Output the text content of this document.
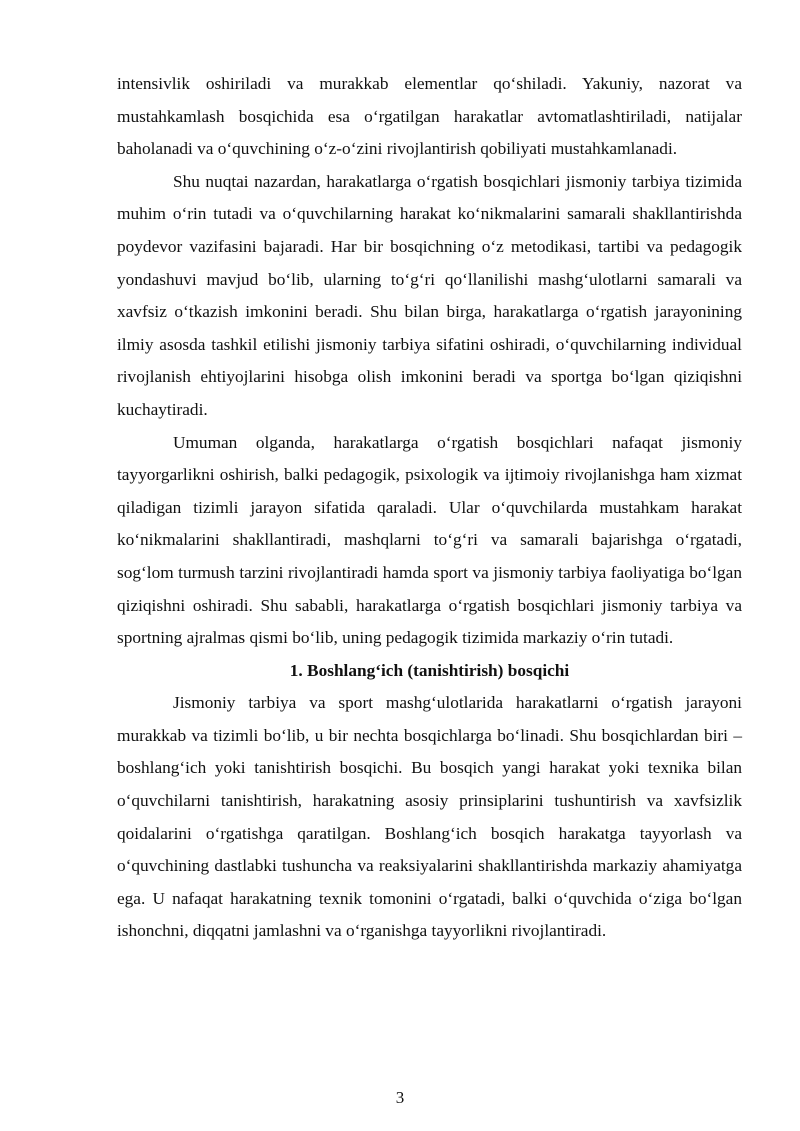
intensivlik oshiriladi va murakkab elementlar qo‘shiladi. Yakuniy, nazorat va mustahkamlash bosqichida esa o‘rgatilgan harakatlar avtomatlashtiriladi, natijalar baholanadi va o‘quvchining o‘z-o‘zini rivojlantirish qobiliyati mustahkamlanadi.

Shu nuqtai nazardan, harakatlarga o‘rgatish bosqichlari jismoniy tarbiya tizimida muhim o‘rin tutadi va o‘quvchilarning harakat ko‘nikmalarini samarali shakllantirishda poydevor vazifasini bajaradi. Har bir bosqichning o‘z metodikasi, tartibi va pedagogik yondashuvi mavjud bo‘lib, ularning to‘g‘ri qo‘llanilishi mashg‘ulotlarni samarali va xavfsiz o‘tkazish imkonini beradi. Shu bilan birga, harakatlarga o‘rgatish jarayonining ilmiy asosda tashkil etilishi jismoniy tarbiya sifatini oshiradi, o‘quvchilarning individual rivojlanish ehtiyojlarini hisobga olish imkonini beradi va sportga bo‘lgan qiziqishni kuchaytiradi.

Umuman olganda, harakatlarga o‘rgatish bosqichlari nafaqat jismoniy tayyorgarlikni oshirish, balki pedagogik, psixologik va ijtimoiy rivojlanishga ham xizmat qiladigan tizimli jarayon sifatida qaraladi. Ular o‘quvchilarda mustahkam harakat ko‘nikmalarini shakllantiradi, mashqlarni to‘g‘ri va samarali bajarishga o‘rgatadi, sog‘lom turmush tarzini rivojlantiradi hamda sport va jismoniy tarbiya faoliyatiga bo‘lgan qiziqishni oshiradi. Shu sababli, harakatlarga o‘rgatish bosqichlari jismoniy tarbiya va sportning ajralmas qismi bo‘lib, uning pedagogik tizimida markaziy o‘rin tutadi.

1. Boshlang‘ich (tanishtirish) bosqichi

Jismoniy tarbiya va sport mashg‘ulotlarida harakatlarni o‘rgatish jarayoni murakkab va tizimli bo‘lib, u bir nechta bosqichlarga bo‘linadi. Shu bosqichlardan biri – boshlang‘ich yoki tanishtirish bosqichi. Bu bosqich yangi harakat yoki texnika bilan o‘quvchilarni tanishtirish, harakatning asosiy prinsiplarini tushuntirish va xavfsizlik qoidalarini o‘rgatishga qaratilgan. Boshlang‘ich bosqich harakatga tayyorlash va o‘quvchining dastlabki tushuncha va reaksiyalarini shakllantirishda markaziy ahamiyatga ega. U nafaqat harakatning texnik tomonini o‘rgatadi, balki o‘quvchida o‘ziga bo‘lgan ishonchni, diqqatni jamlashni va o‘rganishga tayyorlikni rivojlantiradi.

3
